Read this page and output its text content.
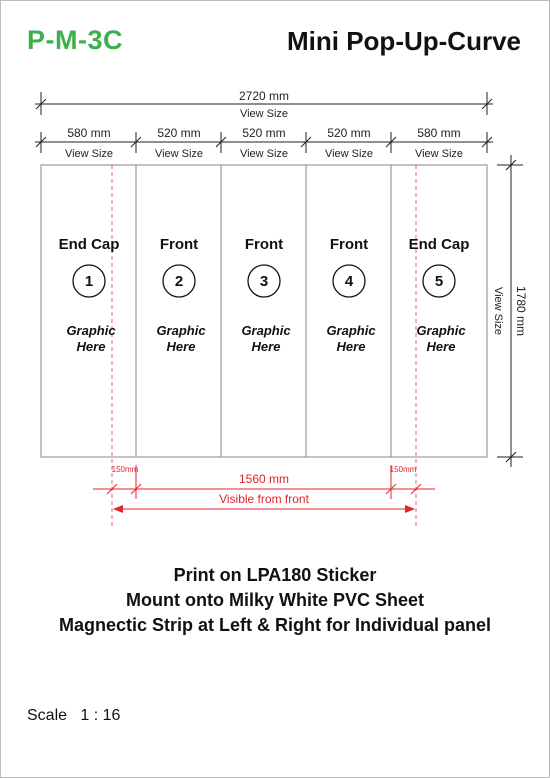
P-M-3C	Mini Pop-Up-Curve
2720 mm
View Size
580 mm	520 mm	520 mm	520 mm	580 mm
View Size	View Size	View Size	View Size	View Size
End Cap	Front	Front	Front	End Cap
1	2	3	4	5
Graphic
Here
Graphic
Here
Graphic
Here
Graphic
Here
Graphic
Here
1780 mm
View Size
150mm	150mm
1560 mm
Visible from front
Print on LPA180 Sticker
Mount onto Milky White PVC Sheet
Magnectic Strip at Left & Right for Individual panel
Scale   1 : 16
